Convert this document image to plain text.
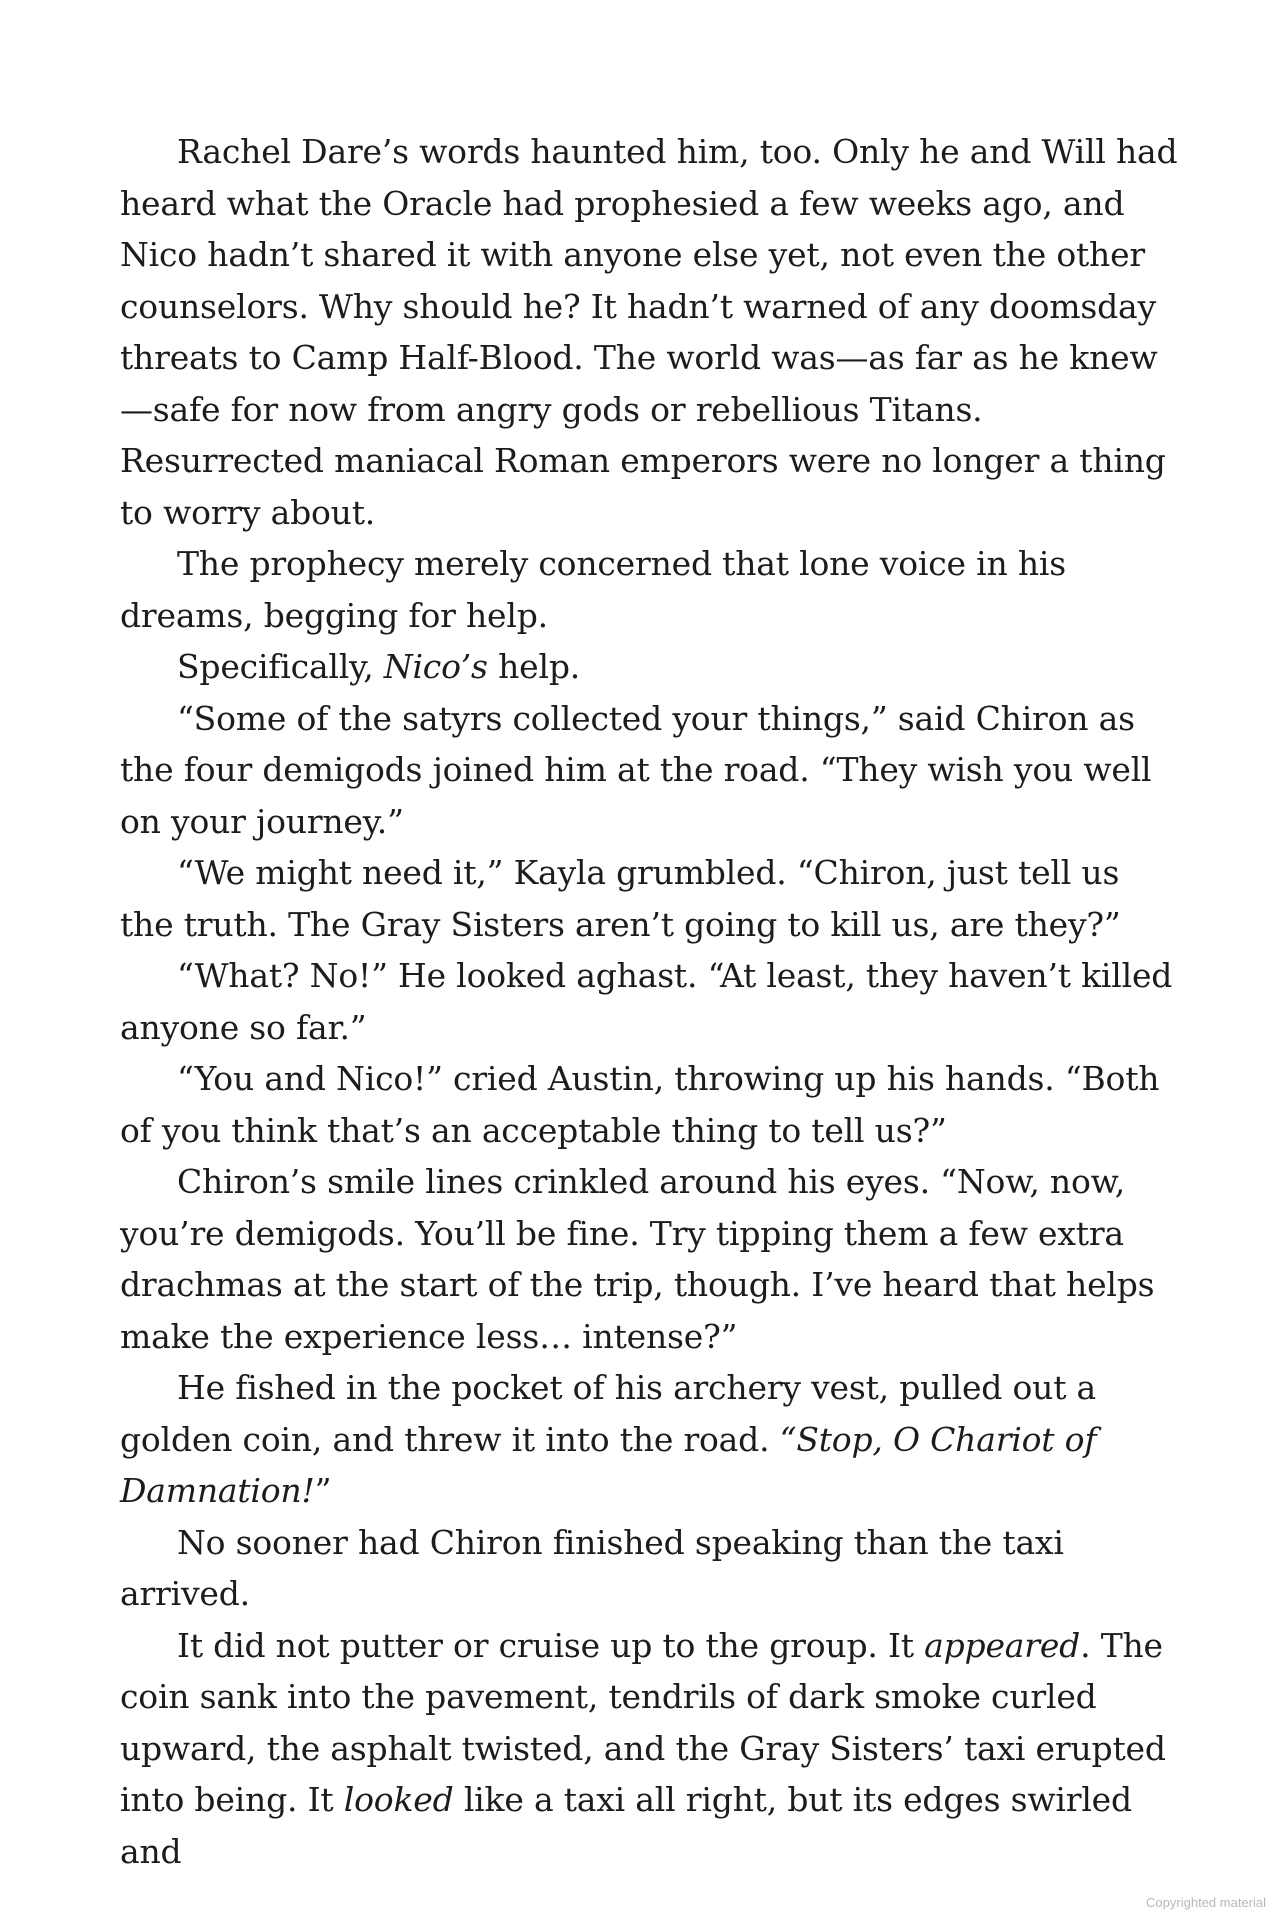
Rachel Dare’s words haunted him, too. Only he and Will had heard what the Oracle had prophesied a few weeks ago, and Nico hadn’t shared it with anyone else yet, not even the other counselors. Why should he? It hadn’t warned of any doomsday threats to Camp Half-Blood. The world was—as far as he knew—safe for now from angry gods or rebellious Titans. Resurrected maniacal Roman emperors were no longer a thing to worry about.

The prophecy merely concerned that lone voice in his dreams, begging for help.

Specifically, Nico’s help.

“Some of the satyrs collected your things,” said Chiron as the four demigods joined him at the road. “They wish you well on your journey.”

“We might need it,” Kayla grumbled. “Chiron, just tell us the truth. The Gray Sisters aren’t going to kill us, are they?”

“What? No!” He looked aghast. “At least, they haven’t killed anyone so far.”

“You and Nico!” cried Austin, throwing up his hands. “Both of you think that’s an acceptable thing to tell us?”

Chiron’s smile lines crinkled around his eyes. “Now, now, you’re demigods. You’ll be fine. Try tipping them a few extra drachmas at the start of the trip, though. I’ve heard that helps make the experience less… intense?”

He fished in the pocket of his archery vest, pulled out a golden coin, and threw it into the road. “Stop, O Chariot of Damnation!”

No sooner had Chiron finished speaking than the taxi arrived.

It did not putter or cruise up to the group. It appeared. The coin sank into the pavement, tendrils of dark smoke curled upward, the asphalt twisted, and the Gray Sisters’ taxi erupted into being. It looked like a taxi all right, but its edges swirled and

Copyrighted material
